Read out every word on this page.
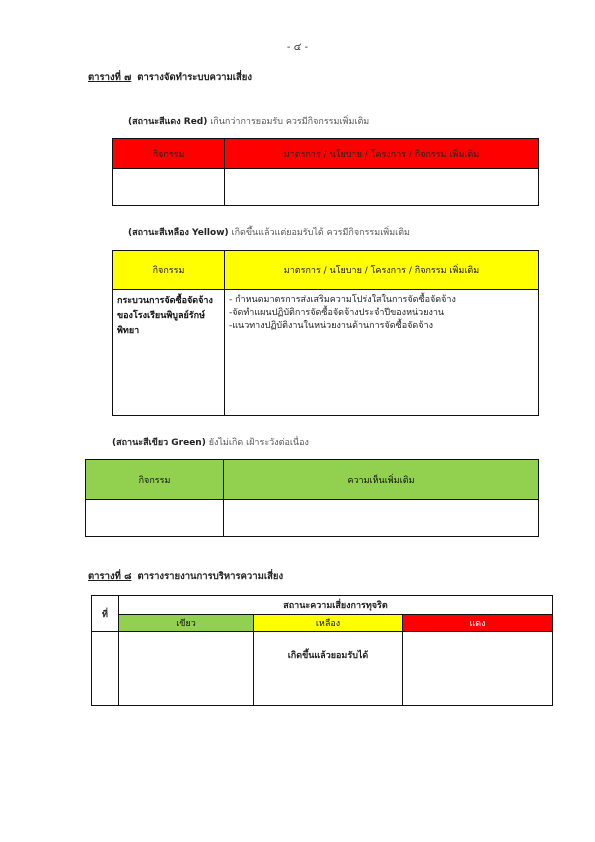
- ๔ -
ตารางที่ ๗ ตารางจัดทำระบบความเสี่ยง
(สถานะสีแดง Red) เกินกว่าการยอมรับ ควรมีกิจกรรมเพิ่มเติม
กิจกรรม	มาตรการ / นโยบาย / โครงการ / กิจกรรม เพิ่มเติม

(สถานะสีเหลือง Yellow) เกิดขึ้นแล้วแต่ยอมรับได้ ควรมีกิจกรรมเพิ่มเติม
กิจกรรม	มาตรการ / นโยบาย / โครงการ / กิจกรรม เพิ่มเติม
กระบวนการจัดซื้อจัดจ้างของโรงเรียนพิบูลย์รักษ์พิทยา	- กำหนดมาตรการส่งเสริมความโปร่งใสในการจัดซื้อจัดจ้าง
-จัดทำแผนปฏิบัติการจัดซื้อจัดจ้างประจำปีของหน่วยงาน
-แนวทางปฏิบัติงานในหน่วยงานด้านการจัดซื้อจัดจ้าง
(สถานะสีเขียว Green) ยังไม่เกิด เฝ้าระวังต่อเนื่อง
กิจกรรม	ความเห็นเพิ่มเติม

ตารางที่ ๘ ตารางรายงานการบริหารความเสี่ยง
ที่	สถานะความเสี่ยงการทุจริต		
	เขียว	เหลือง	แดง
		เกิดขึ้นแล้วยอมรับได้	
